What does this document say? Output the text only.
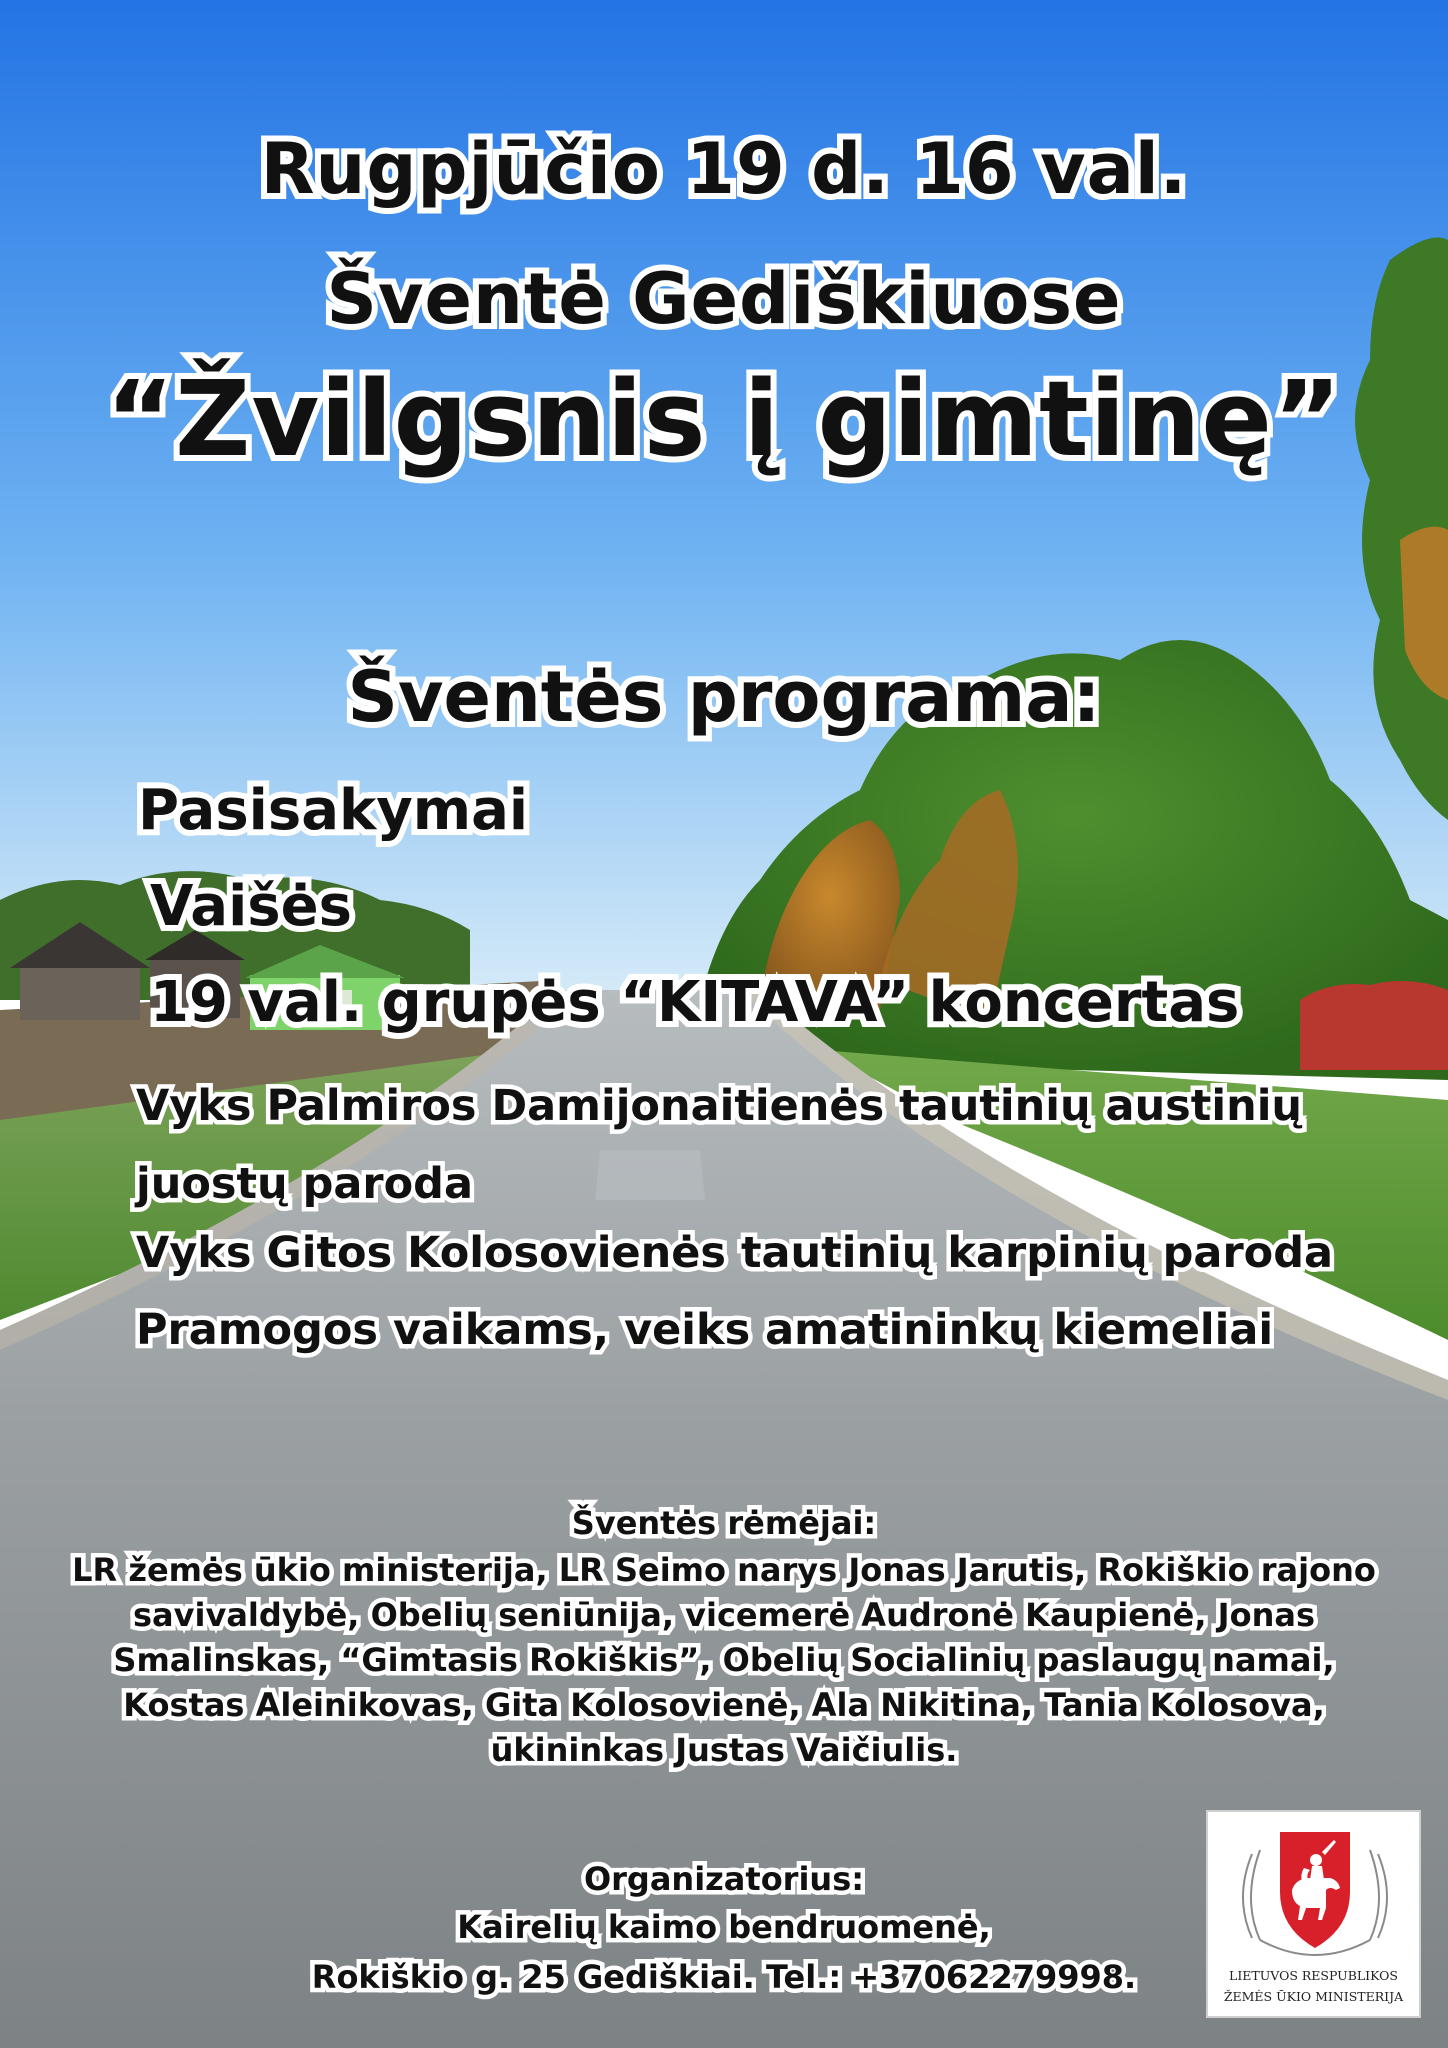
Rugpjūčio 19 d. 16 val.
Šventė Gediškiuose
“Žvilgsnis į gimtinę”
Šventės programa:
Pasisakymai
Vaišės
19 val. grupės “KITAVA” koncertas
Vyks Palmiros Damijonaitienės tautinių austinių
juostų paroda
Vyks Gitos Kolosovienės tautinių karpinių paroda
Pramogos vaikams, veiks amatininkų kiemeliai
Šventės rėmėjai:
LR žemės ūkio ministerija, LR Seimo narys Jonas Jarutis, Rokiškio rajono
savivaldybė, Obelių seniūnija, vicemerė Audronė Kaupienė, Jonas
Smalinskas, “Gimtasis Rokiškis”, Obelių Socialinių paslaugų namai,
Kostas Aleinikovas, Gita Kolosovienė, Ala Nikitina, Tania Kolosova,
ūkininkas Justas Vaičiulis.
Organizatorius:
Kairelių kaimo bendruomenė,
Rokiškio g. 25 Gediškiai. Tel.: +37062279998.	LIETUVOS RESPUBLIKOS
ŽEMĖS ŪKIO MINISTERIJA
